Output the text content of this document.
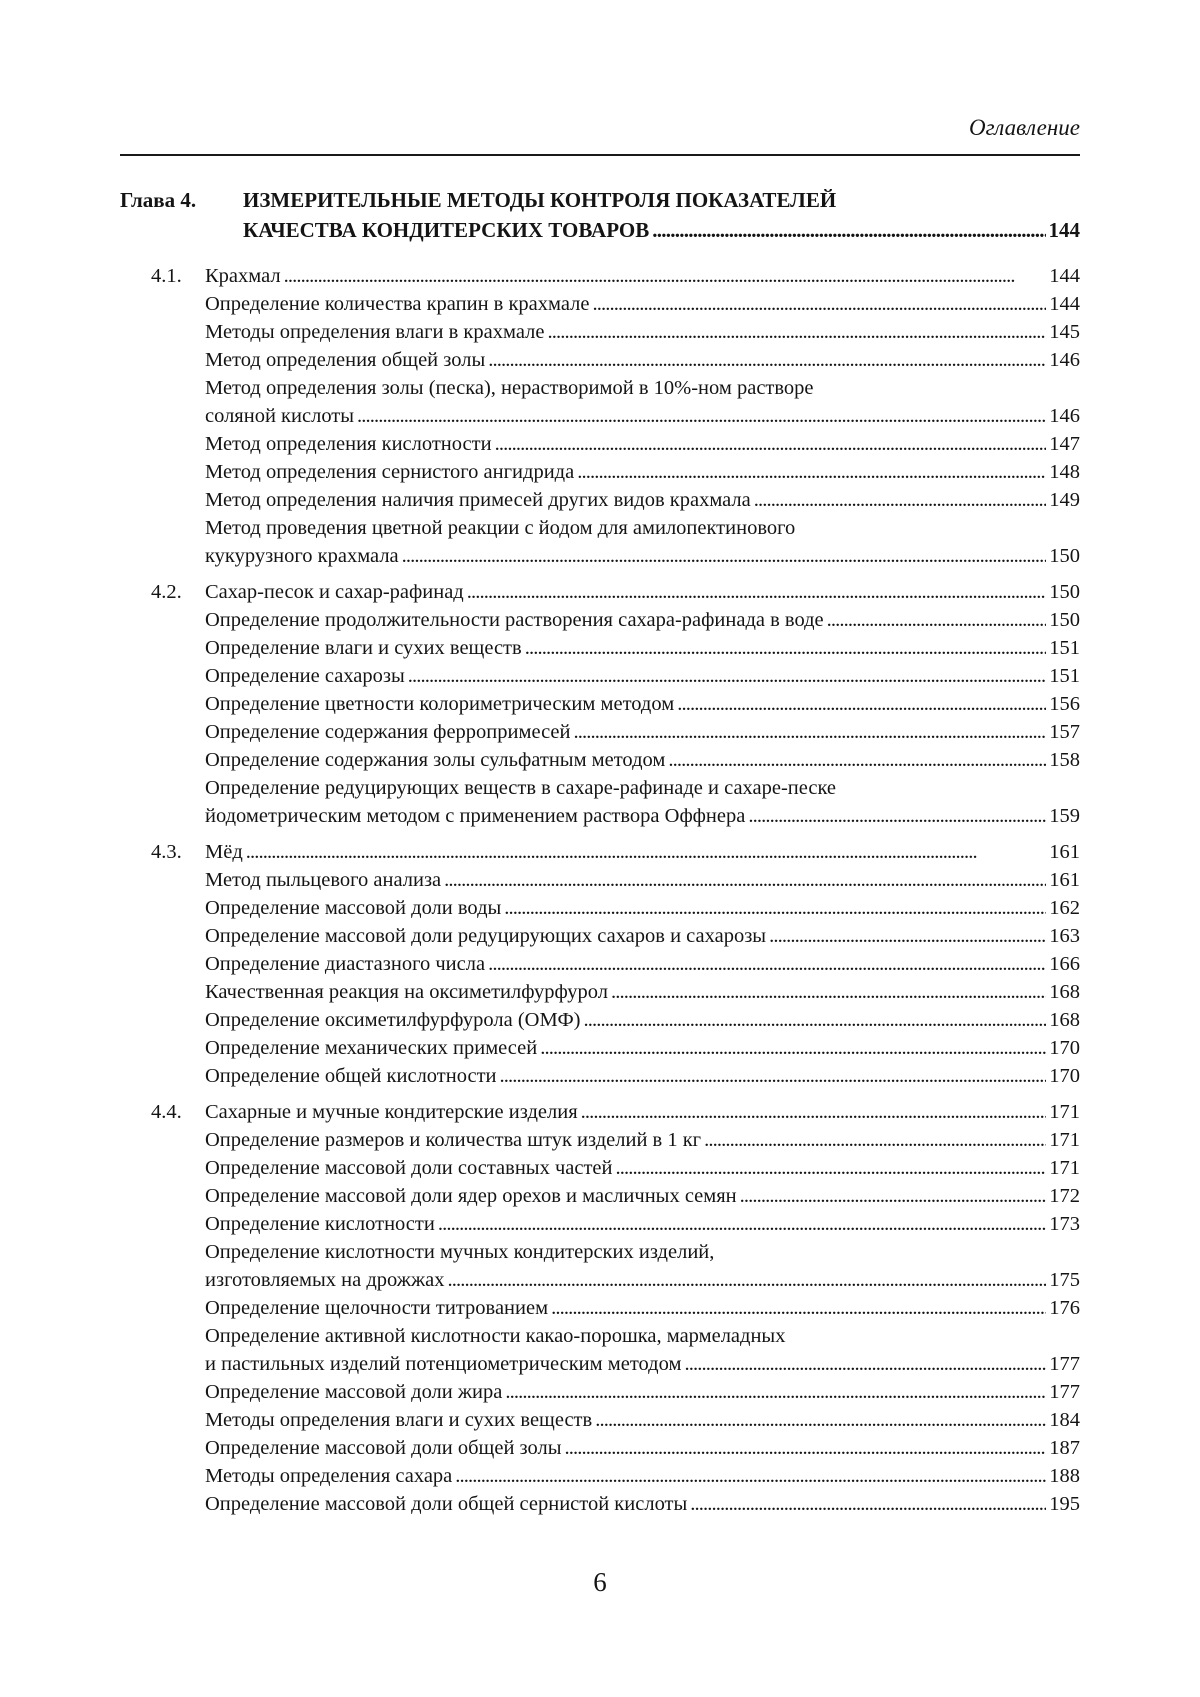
Оглавление
Глава 4. ИЗМЕРИТЕЛЬНЫЕ МЕТОДЫ КОНТРОЛЯ ПОКАЗАТЕЛЕЙ
КАЧЕСТВА КОНДИТЕРСКИХ ТОВАРОВ . . .	144
4.1. Крахмал . . .	144
Определение количества крапин в крахмале . . .	144
Методы определения влаги в крахмале . . .	145
Метод определения общей золы . . .	146
Метод определения золы (песка), нерастворимой в 10%-ном растворе
соляной кислоты . . .	146
Метод определения кислотности . . .	147
Метод определения сернистого ангидрида . . .	148
Метод определения наличия примесей других видов крахмала . . .	149
Метод проведения цветной реакции с йодом для амилопектинового
кукурузного крахмала . . .	150
4.2. Сахар-песок и сахар-рафинад . . .	150
Определение продолжительности растворения сахара-рафинада в воде . . .	150
Определение влаги и сухих веществ . . .	151
Определение сахарозы . . .	151
Определение цветности колориметрическим методом . . .	156
Определение содержания ферропримесей . . .	157
Определение содержания золы сульфатным методом . . .	158
Определение редуцирующих веществ в сахаре-рафинаде и сахаре-песке
йодометрическим методом с применением раствора Оффнера . . .	159
4.3. Мёд . . .	161
Метод пыльцевого анализа . . .	161
Определение массовой доли воды . . .	162
Определение массовой доли редуцирующих сахаров и сахарозы . . .	163
Определение диастазного числа . . .	166
Качественная реакция на оксиметилфурфурол . . .	168
Определение оксиметилфурфурола (ОМФ) . . .	168
Определение механических примесей . . .	170
Определение общей кислотности . . .	170
4.4. Сахарные и мучные кондитерские изделия . . .	171
Определение размеров и количества штук изделий в 1 кг . . .	171
Определение массовой доли составных частей . . .	171
Определение массовой доли ядер орехов и масличных семян . . .	172
Определение кислотности . . .	173
Определение кислотности мучных кондитерских изделий,
изготовляемых на дрожжах . . .	175
Определение щелочности титрованием . . .	176
Определение активной кислотности какао-порошка, мармеладных
и пастильных изделий потенциометрическим методом . . .	177
Определение массовой доли жира . . .	177
Методы определения влаги и сухих веществ . . .	184
Определение массовой доли общей золы . . .	187
Методы определения сахара . . .	188
Определение массовой доли общей сернистой кислоты . . .	195
6
